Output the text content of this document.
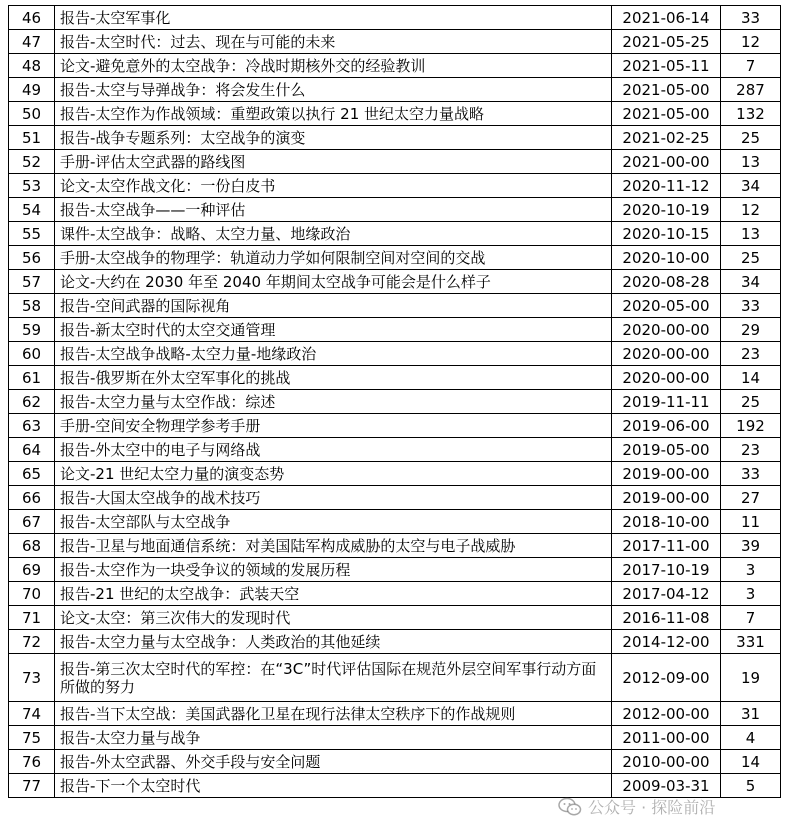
46	报告-太空军事化	2021-06-14	33
47	报告-太空时代：过去、现在与可能的未来	2021-05-25	12
48	论文-避免意外的太空战争：冷战时期核外交的经验教训	2021-05-11	7
49	报告-太空与导弹战争：将会发生什么	2021-05-00	287
50	报告-太空作为作战领域：重塑政策以执行 21 世纪太空力量战略	2021-05-00	132
51	报告-战争专题系列：太空战争的演变	2021-02-25	25
52	手册-评估太空武器的路线图	2021-00-00	13
53	论文-太空作战文化：一份白皮书	2020-11-12	34
54	报告-太空战争——一种评估	2020-10-19	12
55	课件-太空战争：战略、太空力量、地缘政治	2020-10-15	13
56	手册-太空战争的物理学：轨道动力学如何限制空间对空间的交战	2020-10-00	25
57	论文-大约在 2030 年至 2040 年期间太空战争可能会是什么样子	2020-08-28	34
58	报告-空间武器的国际视角	2020-05-00	33
59	报告-新太空时代的太空交通管理	2020-00-00	29
60	报告-太空战争战略-太空力量-地缘政治	2020-00-00	23
61	报告-俄罗斯在外太空军事化的挑战	2020-00-00	14
62	报告-太空力量与太空作战：综述	2019-11-11	25
63	手册-空间安全物理学参考手册	2019-06-00	192
64	报告-外太空中的电子与网络战	2019-05-00	23
65	论文-21 世纪太空力量的演变态势	2019-00-00	33
66	报告-大国太空战争的战术技巧	2019-00-00	27
67	报告-太空部队与太空战争	2018-10-00	11
68	报告-卫星与地面通信系统：对美国陆军构成威胁的太空与电子战威胁	2017-11-00	39
69	报告-太空作为一块受争议的领域的发展历程	2017-10-19	3
70	报告-21 世纪的太空战争：武装天空	2017-04-12	3
71	论文-太空：第三次伟大的发现时代	2016-11-08	7
72	报告-太空力量与太空战争：人类政治的其他延续	2014-12-00	331
73	报告-第三次太空时代的军控：在“3C”时代评估国际在规范外层空间军事行动方面所做的努力	2012-09-00	19
74	报告-当下太空战：美国武器化卫星在现行法律太空秩序下的作战规则	2012-00-00	31
75	报告-太空力量与战争	2011-00-00	4
76	报告-外太空武器、外交手段与安全问题	2010-00-00	14
77	报告-下一个太空时代	2009-03-31	5
公众号 · 探险前沿
